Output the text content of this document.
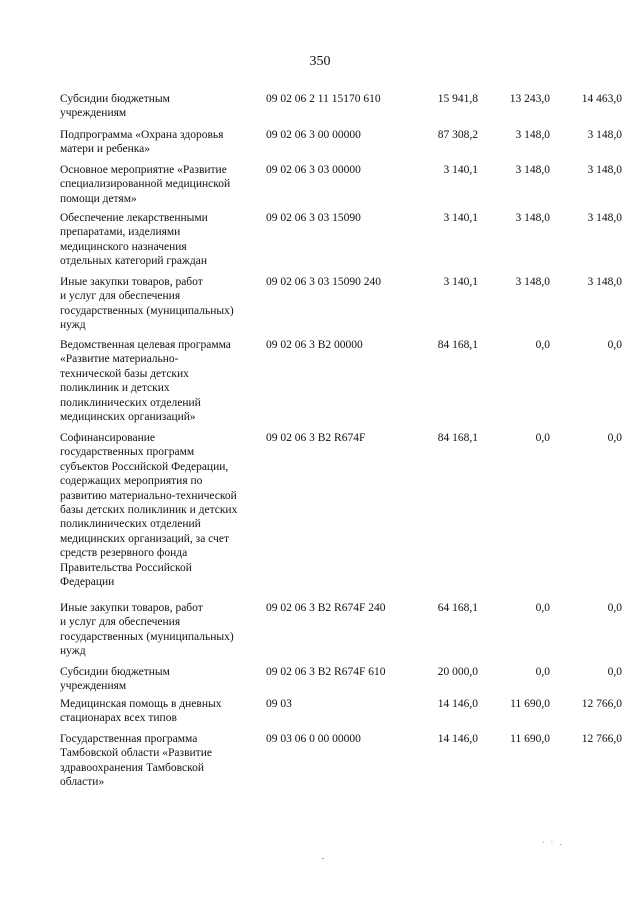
350
Субсидии бюджетным
учреждениям
09 02 06 2 11 15170 610	15 941,8	13 243,0	14 463,0
Подпрограмма «Охрана здоровья
матери и ребенка»
09 02 06 3 00 00000	87 308,2	3 148,0	3 148,0
Основное мероприятие «Развитие
специализированной медицинской
помощи детям»
09 02 06 3 03 00000	3 140,1	3 148,0	3 148,0
Обеспечение лекарственными
препаратами, изделиями
медицинского назначения
отдельных категорий граждан
09 02 06 3 03 15090	3 140,1	3 148,0	3 148,0
Иные закупки товаров, работ
и услуг для обеспечения
государственных (муниципальных)
нужд
09 02 06 3 03 15090 240	3 140,1	3 148,0	3 148,0
Ведомственная целевая программа
«Развитие материально-
технической базы детских
поликлиник и детских
поликлинических отделений
медицинских организаций»
09 02 06 3 В2 00000	84 168,1	0,0	0,0
Софинансирование
государственных программ
субъектов Российской Федерации,
содержащих мероприятия по
развитию материально-технической
базы детских поликлиник и детских
поликлинических отделений
медицинских организаций, за счет
средств резервного фонда
Правительства Российской
Федерации
09 02 06 3 В2 R674F	84 168,1	0,0	0,0
Иные закупки товаров, работ
и услуг для обеспечения
государственных (муниципальных)
нужд
09 02 06 3 В2 R674F 240	64 168,1	0,0	0,0
Субсидии бюджетным
учреждениям
09 02 06 3 В2 R674F 610	20 000,0	0,0	0,0
Медицинская помощь в дневных
стационарах всех типов
09 03	14 146,0	11 690,0	12 766,0
Государственная программа
Тамбовской области «Развитие
здравоохранения Тамбовской
области»
09 03 06 0 00 00000	14 146,0	11 690,0	12 766,0
· · .
